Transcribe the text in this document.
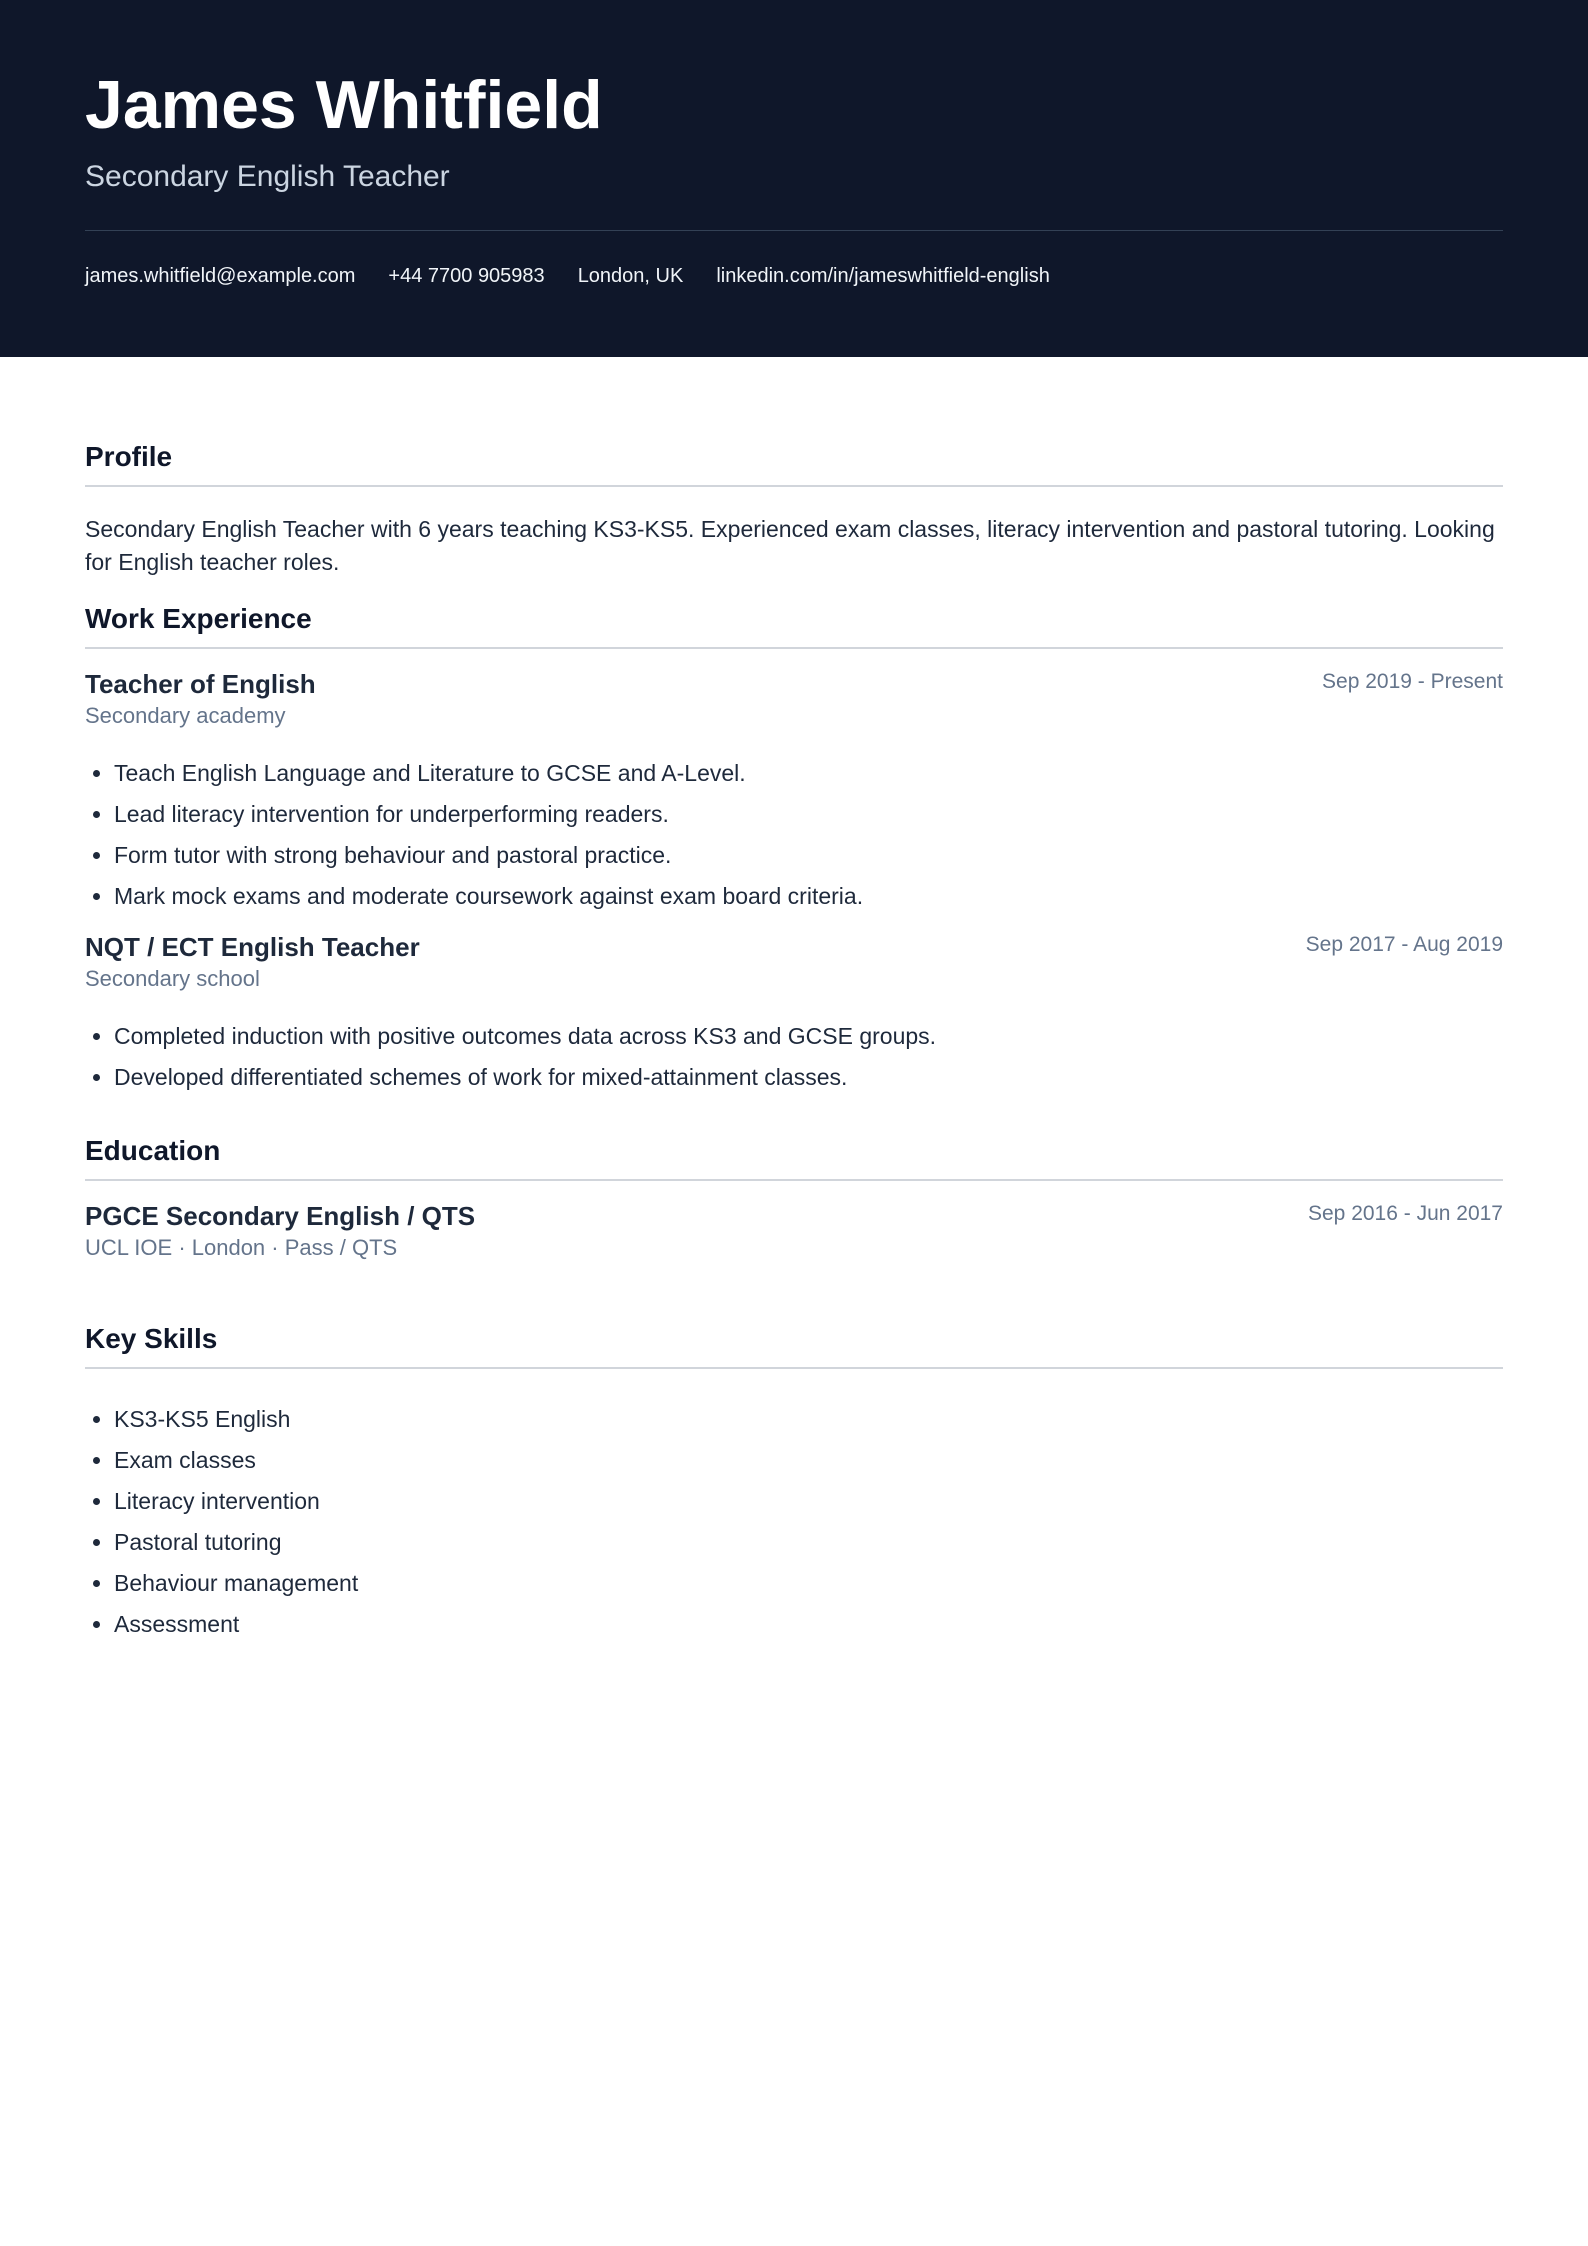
James Whitfield
Secondary English Teacher
james.whitfield@example.com +44 7700 905983 London, UK linkedin.com/in/jameswhitfield-english
Profile

Secondary English Teacher with 6 years teaching KS3-KS5. Experienced exam classes, literacy intervention and pastoral tutoring. Looking for English teacher roles.

Work Experience
Teacher of English	Sep 2019 - Present
Secondary academy
• Teach English Language and Literature to GCSE and A-Level.
• Lead literacy intervention for underperforming readers.
• Form tutor with strong behaviour and pastoral practice.
• Mark mock exams and moderate coursework against exam board criteria.
NQT / ECT English Teacher	Sep 2017 - Aug 2019
Secondary school
• Completed induction with positive outcomes data across KS3 and GCSE groups.
• Developed differentiated schemes of work for mixed-attainment classes.
Education
PGCE Secondary English / QTS	Sep 2016 - Jun 2017
UCL IOE · London · Pass / QTS
Key Skills
• KS3-KS5 English
• Exam classes
• Literacy intervention
• Pastoral tutoring
• Behaviour management
• Assessment
